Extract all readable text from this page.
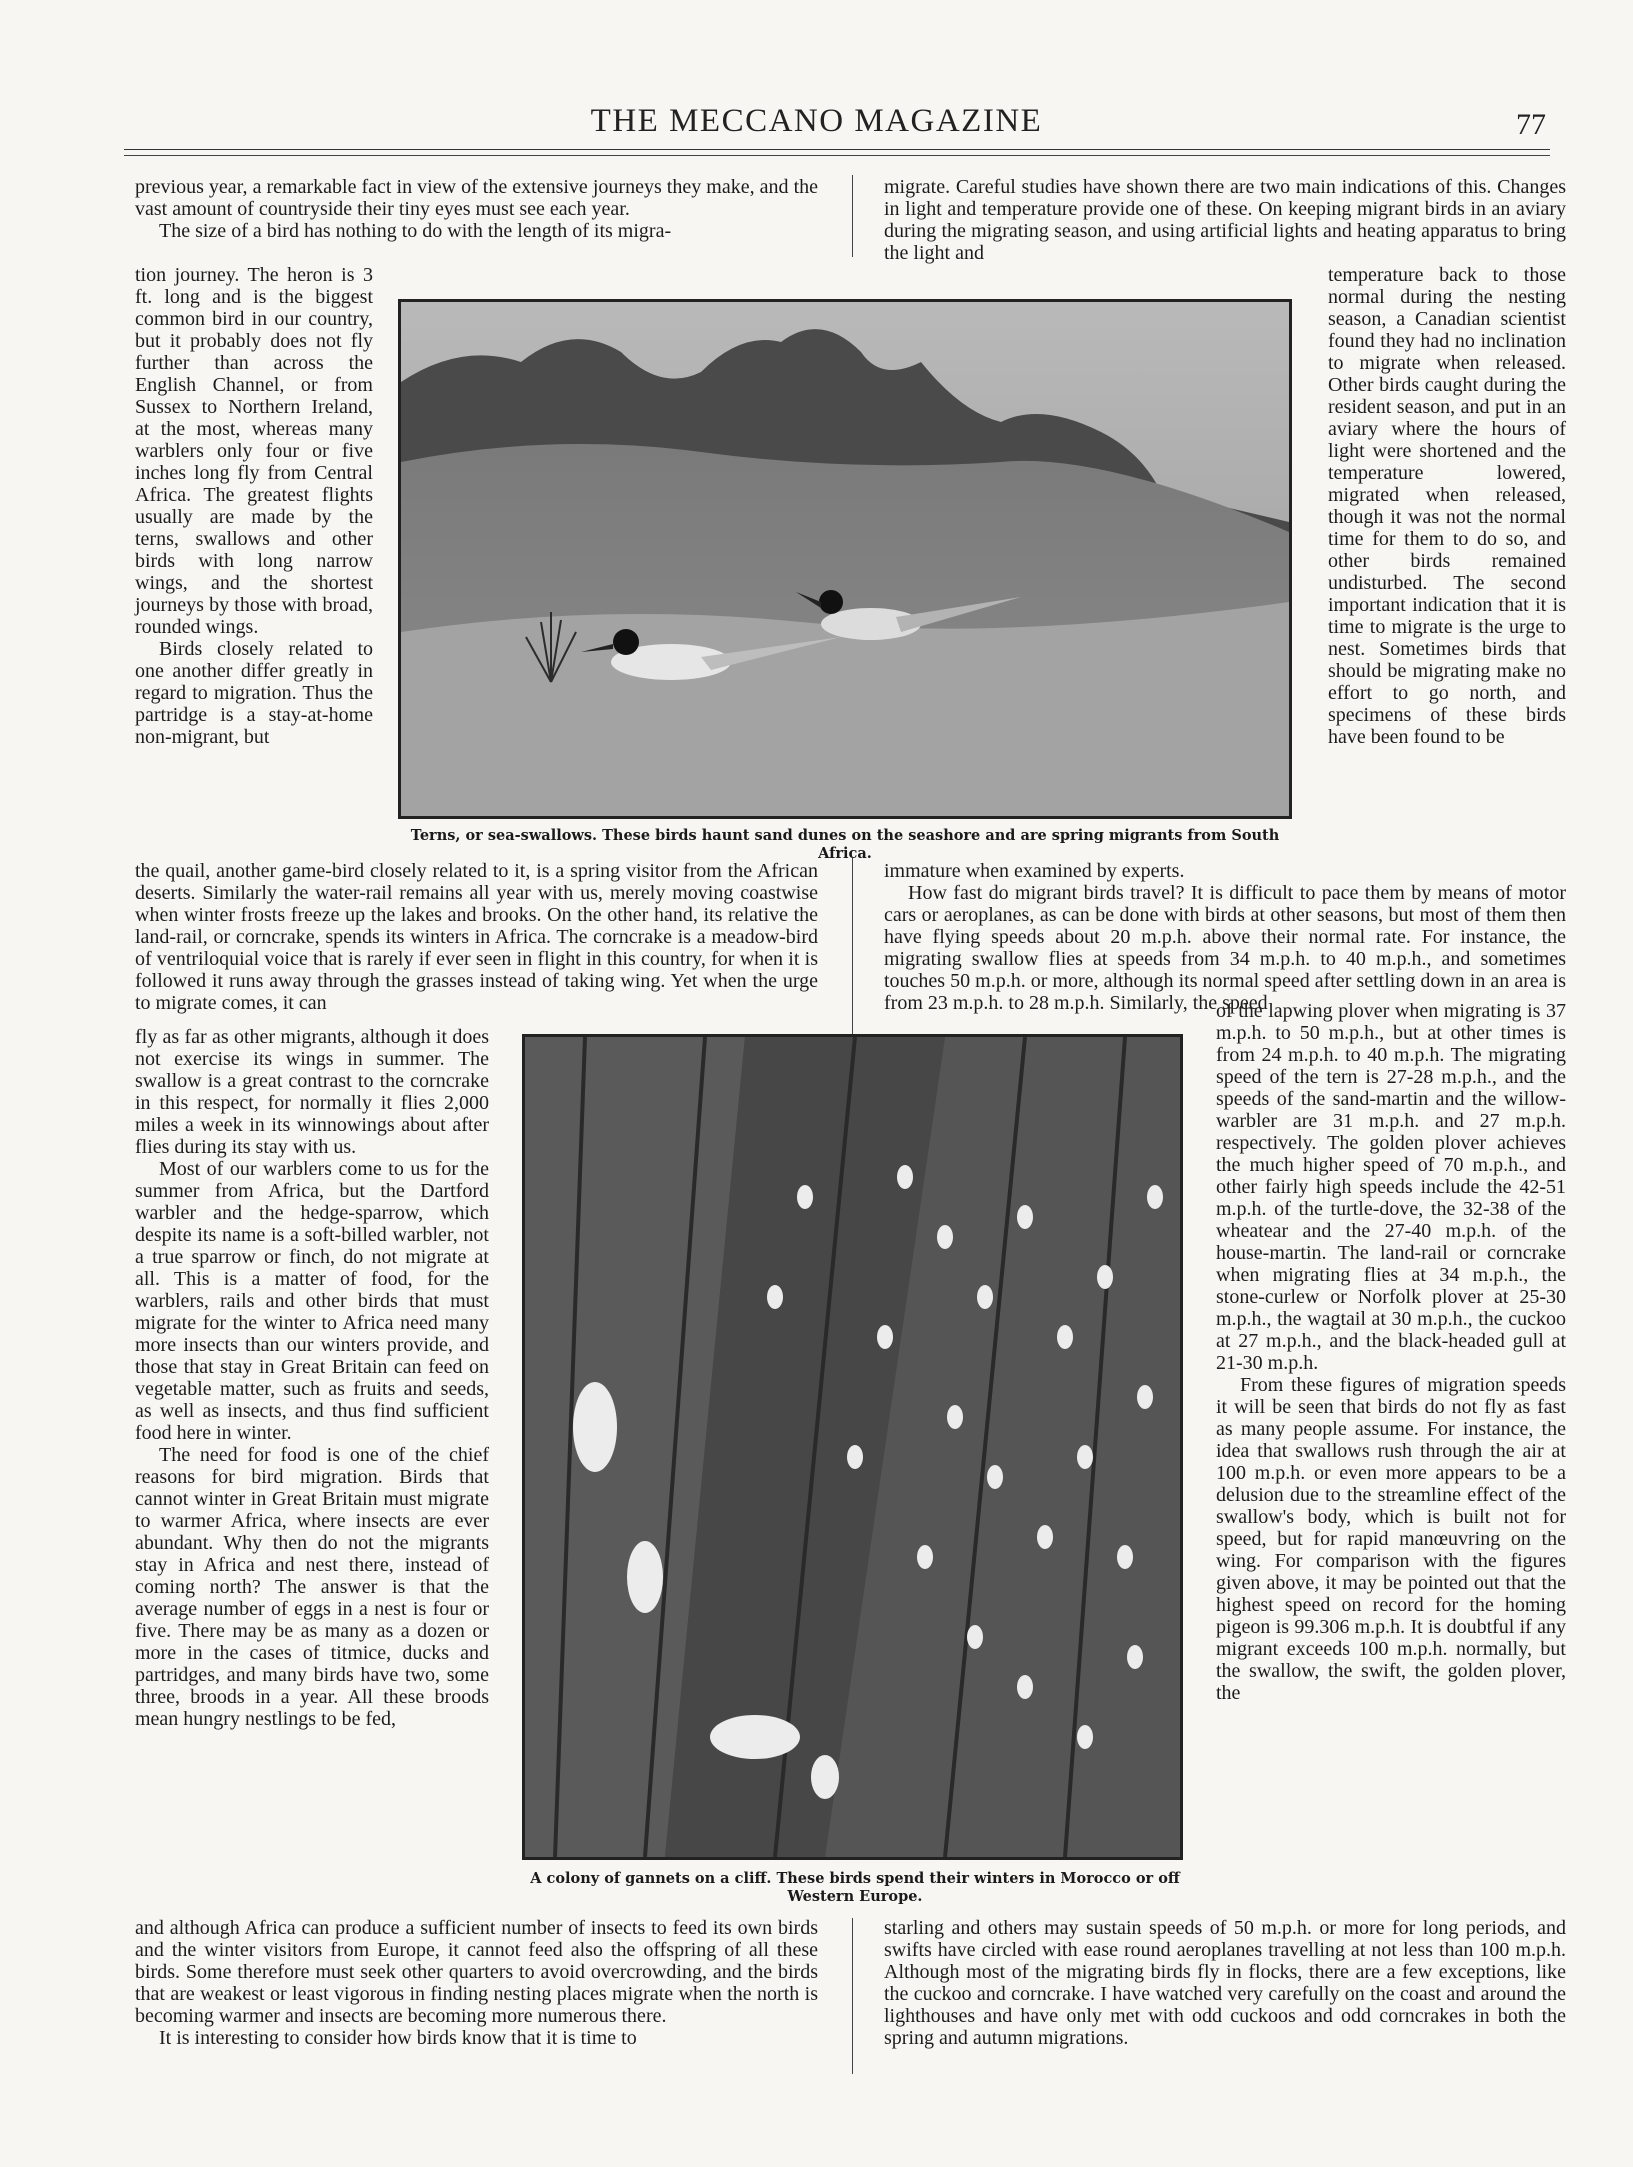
THE MECCANO MAGAZINE	77

previous year, a remarkable fact in view of the extensive journeys they make, and the vast amount of countryside their tiny eyes must see each year.

The size of a bird has nothing to do with the length of its migra-

tion journey. The heron is 3 ft. long and is the biggest common bird in our country, but it probably does not fly further than across the English Channel, or from Sussex to Northern Ireland, at the most, whereas many warblers only four or five inches long fly from Central Africa. The greatest flights usually are made by the terns, swallows and other birds with long narrow wings, and the shortest journeys by those with broad, rounded wings.

Birds closely related to one another differ greatly in regard to migration. Thus the partridge is a stay-at-home non-migrant, but

the quail, another game-bird closely related to it, is a spring visitor from the African deserts. Similarly the water-rail remains all year with us, merely moving coastwise when winter frosts freeze up the lakes and brooks. On the other hand, its relative the land-rail, or corncrake, spends its winters in Africa. The corncrake is a meadow-bird of ventriloquial voice that is rarely if ever seen in flight in this country, for when it is followed it runs away through the grasses instead of taking wing. Yet when the urge to migrate comes, it can

fly as far as other migrants, although it does not exercise its wings in summer. The swallow is a great contrast to the corncrake in this respect, for normally it flies 2,000 miles a week in its winnowings about after flies during its stay with us.

Most of our warblers come to us for the summer from Africa, but the Dartford warbler and the hedge-sparrow, which despite its name is a soft-billed warbler, not a true sparrow or finch, do not migrate at all. This is a matter of food, for the warblers, rails and other birds that must migrate for the winter to Africa need many more insects than our winters provide, and those that stay in Great Britain can feed on vegetable matter, such as fruits and seeds, as well as insects, and thus find sufficient food here in winter.

The need for food is one of the chief reasons for bird migration. Birds that cannot winter in Great Britain must migrate to warmer Africa, where insects are ever abundant. Why then do not the migrants stay in Africa and nest there, instead of coming north? The answer is that the average number of eggs in a nest is four or five. There may be as many as a dozen or more in the cases of titmice, ducks and partridges, and many birds have two, some three, broods in a year. All these broods mean hungry nestlings to be fed,

and although Africa can produce a sufficient number of insects to feed its own birds and the winter visitors from Europe, it cannot feed also the offspring of all these birds. Some therefore must seek other quarters to avoid overcrowding, and the birds that are weakest or least vigorous in finding nesting places migrate when the north is becoming warmer and insects are becoming more numerous there.

It is interesting to consider how birds know that it is time to

migrate. Careful studies have shown there are two main indications of this. Changes in light and temperature provide one of these. On keeping migrant birds in an aviary during the migrating season, and using artificial lights and heating apparatus to bring the light and

temperature back to those normal during the nesting season, a Canadian scientist found they had no inclination to migrate when released. Other birds caught during the resident season, and put in an aviary where the hours of light were shortened and the temperature lowered, migrated when released, though it was not the normal time for them to do so, and other birds remained undisturbed. The second important indication that it is time to migrate is the urge to nest. Sometimes birds that should be migrating make no effort to go north, and specimens of these birds have been found to be

immature when examined by experts.

How fast do migrant birds travel? It is difficult to pace them by means of motor cars or aeroplanes, as can be done with birds at other seasons, but most of them then have flying speeds about 20 m.p.h. above their normal rate. For instance, the migrating swallow flies at speeds from 34 m.p.h. to 40 m.p.h., and sometimes touches 50 m.p.h. or more, although its normal speed after settling down in an area is from 23 m.p.h. to 28 m.p.h. Similarly, the speed

of the lapwing plover when migrating is 37 m.p.h. to 50 m.p.h., but at other times is from 24 m.p.h. to 40 m.p.h. The migrating speed of the tern is 27-28 m.p.h., and the speeds of the sand-martin and the willow-warbler are 31 m.p.h. and 27 m.p.h. respectively. The golden plover achieves the much higher speed of 70 m.p.h., and other fairly high speeds include the 42-51 m.p.h. of the turtle-dove, the 32-38 of the wheatear and the 27-40 m.p.h. of the house-martin. The land-rail or corncrake when migrating flies at 34 m.p.h., the stone-curlew or Norfolk plover at 25-30 m.p.h., the wagtail at 30 m.p.h., the cuckoo at 27 m.p.h., and the black-headed gull at 21-30 m.p.h.

From these figures of migration speeds it will be seen that birds do not fly as fast as many people assume. For instance, the idea that swallows rush through the air at 100 m.p.h. or even more appears to be a delusion due to the streamline effect of the swallow's body, which is built not for speed, but for rapid manœuvring on the wing. For comparison with the figures given above, it may be pointed out that the highest speed on record for the homing pigeon is 99.306 m.p.h. It is doubtful if any migrant exceeds 100 m.p.h. normally, but the swallow, the swift, the golden plover, the

starling and others may sustain speeds of 50 m.p.h. or more for long periods, and swifts have circled with ease round aeroplanes travelling at not less than 100 m.p.h. Although most of the migrating birds fly in flocks, there are a few exceptions, like the cuckoo and corncrake. I have watched very carefully on the coast and around the lighthouses and have only met with odd cuckoos and odd corncrakes in both the spring and autumn migrations.

Terns, or sea-swallows. These birds haunt sand dunes on the seashore and are spring migrants from South Africa.

A colony of gannets on a cliff. These birds spend their winters in Morocco or off Western Europe.
